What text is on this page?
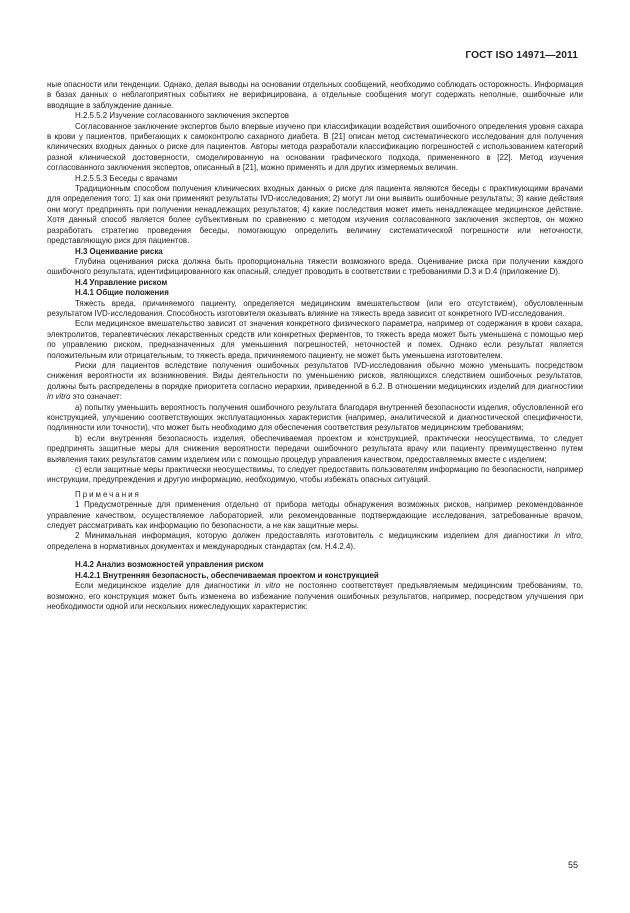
ГОСТ ISO 14971—2011

ные опасности или тенденции. Однако, делая выводы на основании отдельных сообщений, необходимо соблюдать осторожность. Информация в базах данных о неблагоприятных событиях не верифицирована, а отдельные сообщения могут содержать неполные, ошибочные или вводящие в заблуждение данные.

Н.2.5.5.2 Изучение согласованного заключения экспертов

Согласованное заключение экспертов было впервые изучено при классификации воздействия ошибочного определения уровня сахара в крови у пациентов, прибегающих к самоконтролю сахарного диабета. В [21] описан метод систематического исследования для получения клинических входных данных о риске для пациентов. Авторы метода разработали классификацию погрешностей с использованием категорий разной клинической достоверности, смоделированную на основании графического подхода, примененного в [22]. Метод изучения согласованного заключения экспертов, описанный в [21], можно применять и для других измеряемых величин.

Н.2.5.5.3 Беседы с врачами

Традиционным способом получения клинических входных данных о риске для пациента являются беседы с практикующими врачами для определения того: 1) как они применяют результаты IVD-исследования; 2) могут ли они выявить ошибочные результаты; 3) какие действия они могут предпринять при получении ненадлежащих результатов; 4) какие последствия может иметь ненадлежащее медицинское действие. Хотя данный способ является более субъективным по сравнению с методом изучения согласованного заключения экспертов, он можно разработать стратегию проведения беседы, помогающую определить величину систематической погрешности или неточности, представляющую риск для пациентов.

Н.3 Оценивание риска

Глубина оценивания риска должна быть пропорциональна тяжести возможного вреда. Оценивание риска при получении каждого ошибочного результата, идентифицированного как опасный, следует проводить в соответствии с требованиями D.3 и D.4 (приложение D).

Н.4 Управление риском

Н.4.1 Общие положения

Тяжесть вреда, причиняемого пациенту, определяется медицинским вмешательством (или его отсутствием), обусловленным результатом IVD-исследования. Способность изготовителя оказывать влияние на тяжесть вреда зависит от конкретного IVD-исследования.

Если медицинское вмешательство зависит от значения конкретного физического параметра, например от содержания в крови сахара, электролитов, терапевтических лекарственных средств или конкретных ферментов, то тяжесть вреда может быть уменьшена с помощью мер по управлению риском, предназначенных для уменьшения погрешностей, неточностей и помех. Однако если результат является положительным или отрицательным, то тяжесть вреда, причиняемого пациенту, не может быть уменьшена изготовителем.

Риски для пациентов вследствие получения ошибочных результатов IVD-исследования обычно можно уменьшить посредством снижения вероятности их возникновения. Виды деятельности по уменьшению рисков, являющихся следствием ошибочных результатов, должны быть распределены в порядке приоритета согласно иерархии, приведенной в 6.2. В отношении медицинских изделий для диагностики in vitro это означает:

а) попытку уменьшить вероятность получения ошибочного результата благодаря внутренней безопасности изделия, обусловленной его конструкцией, улучшению соответствующих эксплуатационных характеристик (например, аналитической и диагностической специфичности, подлинности или точности), что может быть необходимо для обеспечения соответствия результатов медицинским требованиям;

b) если внутренняя безопасность изделия, обеспечиваемая проектом и конструкцией, практически неосуществима, то следует предпринять защитные меры для снижения вероятности передачи ошибочного результата врачу или пациенту преимущественно путем выявления таких результатов самим изделием или с помощью процедур управления качеством, предоставляемых вместе с изделием;

c) если защитные меры практически неосуществимы, то следует предоставить пользователям информацию по безопасности, например инструкции, предупреждения и другую информацию, необходимую, чтобы избежать опасных ситуаций.

Примечания

1 Предусмотренные для применения отдельно от прибора методы обнаружения возможных рисков, например рекомендованное управление качеством, осуществляемое лабораторией, или рекомендованные подтверждающие исследования, затребованные врачом, следует рассматривать как информацию по безопасности, а не как защитные меры.

2 Минимальная информация, которую должен предоставлять изготовитель с медицинским изделием для диагностики in vitro, определена в нормативных документах и международных стандартах (см. Н.4.2.4).

Н.4.2 Анализ возможностей управления риском

Н.4.2.1 Внутренняя безопасность, обеспечиваемая проектом и конструкцией

Если медицинское изделие для диагностики in vitro не постоянно соответствует предъявляемым медицинским требованиям, то, возможно, его конструкция может быть изменена во избежание получения ошибочных результатов, например, посредством улучшения при необходимости одной или нескольких нижеследующих характеристик:

55
